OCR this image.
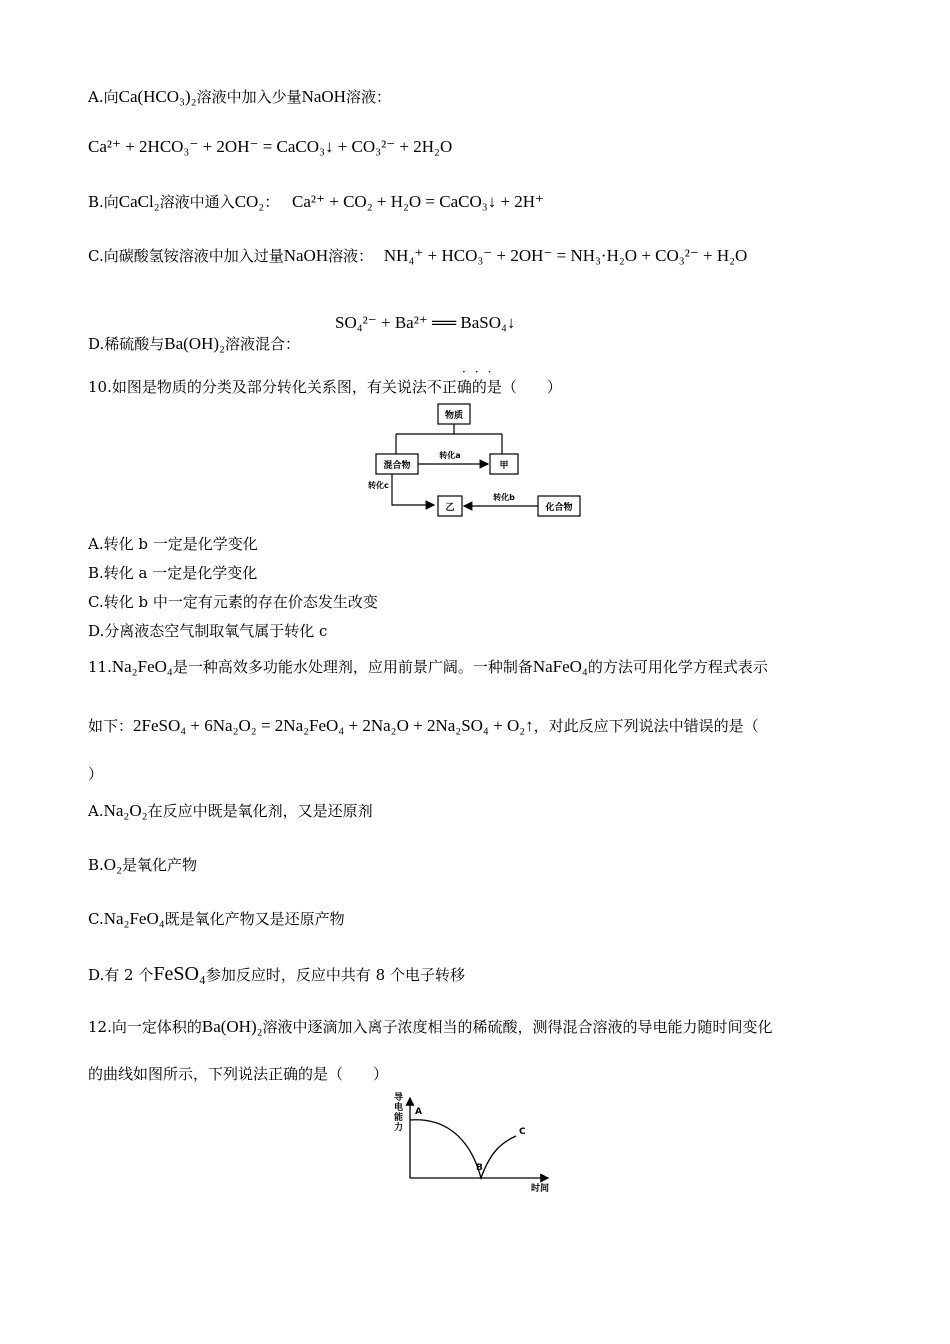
A.向Ca(HCO₃)₂溶液中加入少量NaOH溶液：
Ca²⁺ + 2HCO₃⁻ + 2OH⁻ = CaCO₃↓ + CO₃²⁻ + 2H₂O
B.向CaCl₂溶液中通入CO₂： Ca²⁺ + CO₂ + H₂O = CaCO₃↓ + 2H⁺
C.向碳酸氢铵溶液中加入过量NaOH溶液： NH₄⁺ + HCO₃⁻ + 2OH⁻ = NH₃·H₂O + CO₃²⁻ + H₂O
SO₄²⁻ + Ba²⁺ ══ BaSO₄↓
D.稀硫酸与Ba(OH)₂溶液混合：
···
10.如图是物质的分类及部分转化关系图，有关说法不正确的是（　　）
物质
混合物	甲
转化a
转化c
乙	化合物
转化b
A.转化 b 一定是化学变化
B.转化 a 一定是化学变化
C.转化 b 中一定有元素的存在价态发生改变
D.分离液态空气制取氧气属于转化 c
11.Na₂FeO₄是一种高效多功能水处理剂，应用前景广阔。一种制备NaFeO₄的方法可用化学方程式表示
如下：2FeSO₄ + 6Na₂O₂ = 2Na₂FeO₄ + 2Na₂O + 2Na₂SO₄ + O₂↑，对此反应下列说法中错误的是（
）
A.Na₂O₂在反应中既是氧化剂，又是还原剂
B.O₂是氧化产物
C.Na₂FeO₄既是氧化产物又是还原产物
D.有 2 个FeSO₄参加反应时，反应中共有 8 个电子转移
12.向一定体积的Ba(OH)₂溶液中逐滴加入离子浓度相当的稀硫酸，测得混合溶液的导电能力随时间变化
的曲线如图所示，下列说法正确的是（　　）
导 电 能 力
时间
A
B
C
